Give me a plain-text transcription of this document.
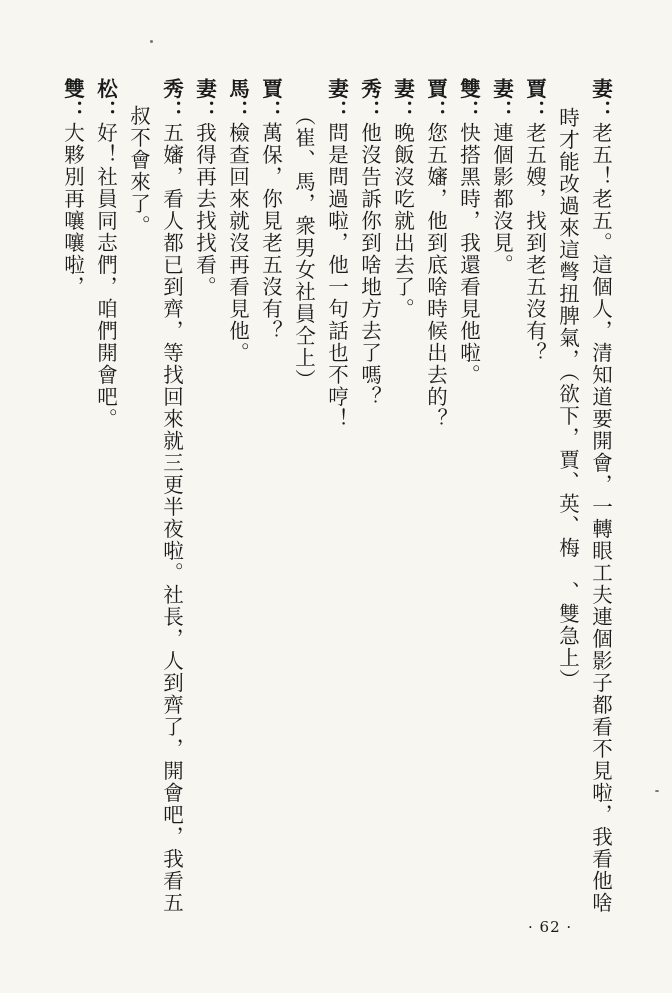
妻：老五！老五。這個人，清知道要開會，一轉眼工夫連個影子都看不見啦，我看他啥
時才能改過來這彆扭脾氣，（欲下，賈、英、梅　、雙急上）
賈：老五嫂，找到老五沒有？
妻：連個影都沒見。
雙：快搭黑時，我還看見他啦。
賈：您五嬸，他到底啥時候出去的？
妻：晚飯沒吃就出去了。
秀：他沒告訴你到啥地方去了嗎？
妻：問是問過啦，他一句話也不哼！
（崔、馬，衆男女社員仝上）
賈：萬保，你見老五沒有？
馬：檢查回來就沒再看見他。
妻：我得再去找找看。
秀：五嬸，看人都已到齊，等找回來就三更半夜啦。社長，人到齊了，開會吧，我看五
叔不會來了。
松：好！社員同志們，咱們開會吧。
雙：大夥別再嚷嚷啦，
· 62 ·
